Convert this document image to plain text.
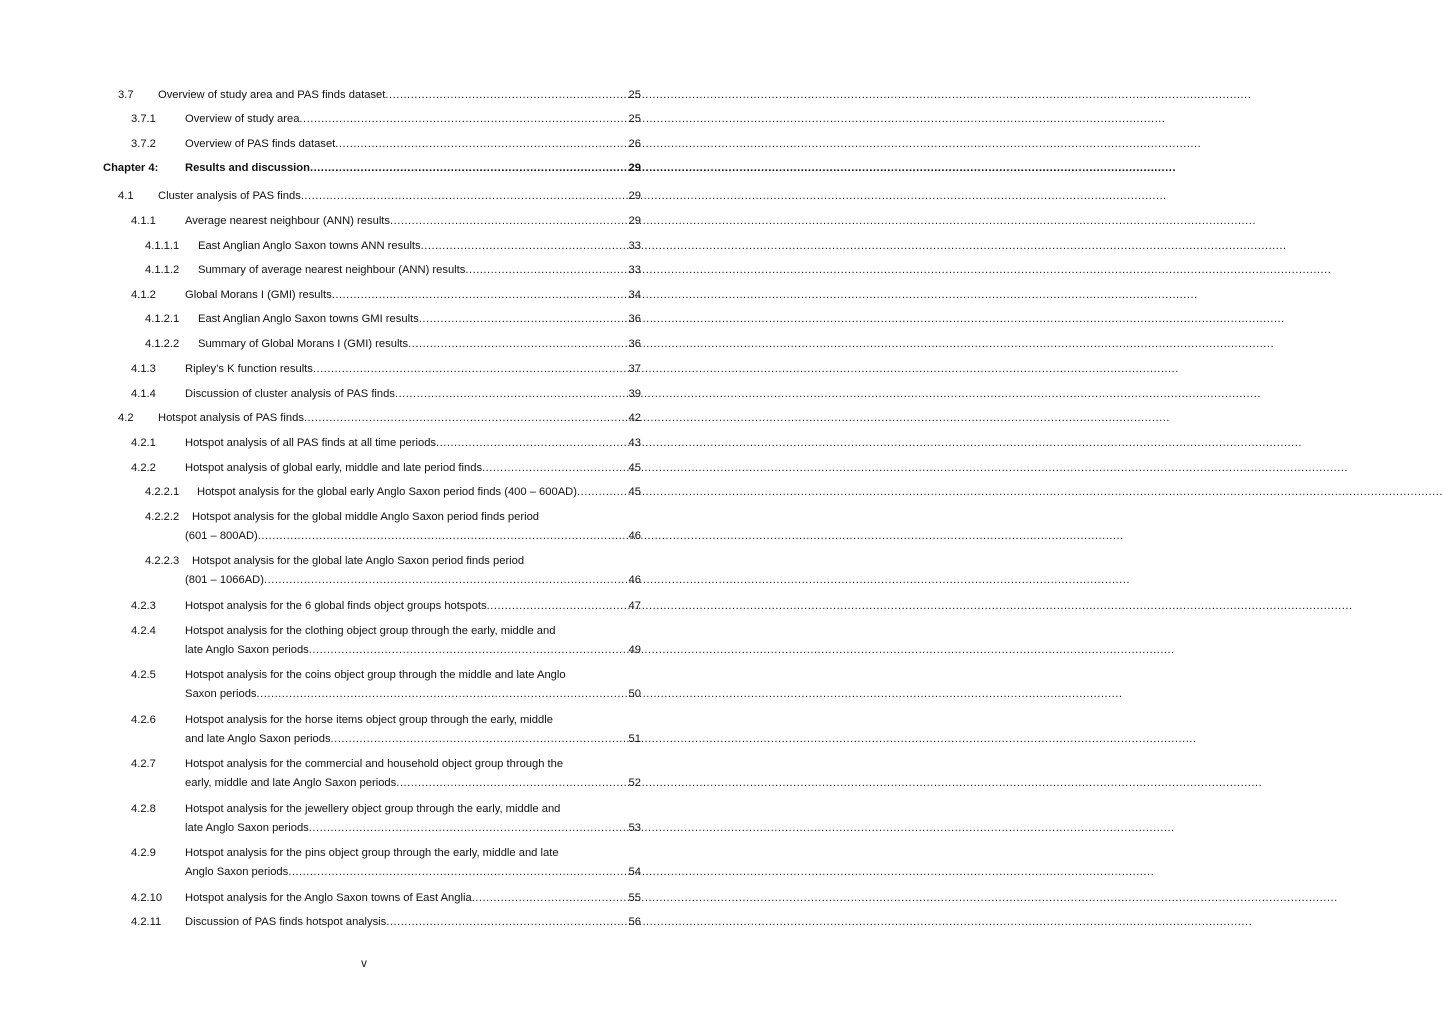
3.7 Overview of study area and PAS finds dataset .....	25
3.7.1	Overview of study area .....	25
3.7.2	Overview of PAS finds dataset .....	26
Chapter 4: Results and discussion .....	29
4.1 Cluster analysis of PAS finds .....	29
4.1.1	Average nearest neighbour (ANN) results .....	29
4.1.1.1 East Anglian Anglo Saxon towns ANN results .....	33
4.1.1.2 Summary of average nearest neighbour (ANN) results .....	33
4.1.2	Global Morans I (GMI) results .....	34
4.1.2.1 East Anglian Anglo Saxon towns GMI results .....	36
4.1.2.2 Summary of Global Morans I (GMI) results .....	36
4.1.3	Ripley’s K function results .....	37
4.1.4	Discussion of cluster analysis of PAS finds .....	39
4.2 Hotspot analysis of PAS finds .....	42
4.2.1	Hotspot analysis of all PAS finds at all time periods .....	43
4.2.2	Hotspot analysis of global early, middle and late period finds .....	45
4.2.2.1 Hotspot analysis for the global early Anglo Saxon period finds (400 – 600AD) .....	45
4.2.2.2 Hotspot analysis for the global middle Anglo Saxon period finds period
(601 – 800AD) .....	46
4.2.2.3 Hotspot analysis for the global late Anglo Saxon period finds period
(801 – 1066AD) .....	46
4.2.3	Hotspot analysis for the 6 global finds object groups hotspots .....	47
4.2.4	Hotspot analysis for the clothing object group through the early, middle and
late Anglo Saxon periods .....	49
4.2.5	Hotspot analysis for the coins object group through the middle and late Anglo
Saxon periods .....	50
4.2.6	Hotspot analysis for the horse items object group through the early, middle
and late Anglo Saxon periods .....	51
4.2.7	Hotspot analysis for the commercial and household object group through the
early, middle and late Anglo Saxon periods .....	52
4.2.8	Hotspot analysis for the jewellery object group through the early, middle and
late Anglo Saxon periods .....	53
4.2.9	Hotspot analysis for the pins object group through the early, middle and late
Anglo Saxon periods .....	54
4.2.10 Hotspot analysis for the Anglo Saxon towns of East Anglia .....	55
4.2.11 Discussion of PAS finds hotspot analysis .....	56
v
